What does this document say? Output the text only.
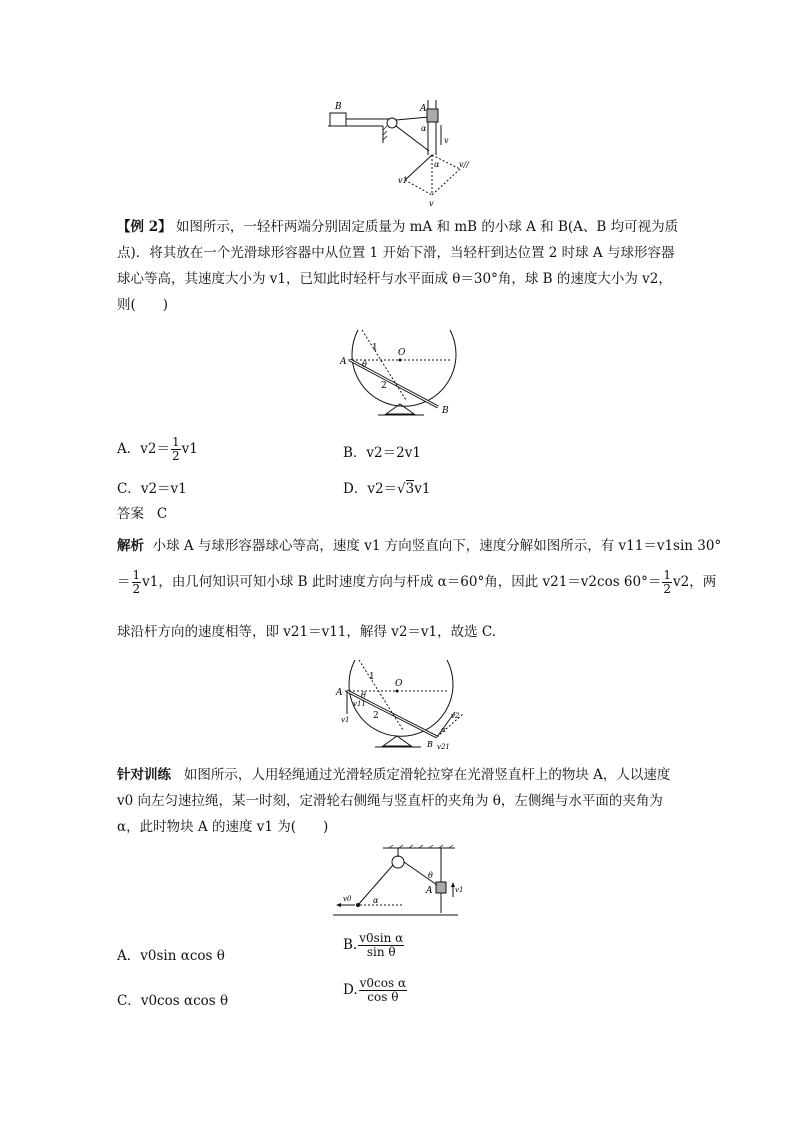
B	A
α
α
v
v1
v//
v
【例 2】 如图所示，一轻杆两端分别固定质量为 mA 和 mB 的小球 A 和 B(A、B 均可视为质点)．将其放在一个光滑球形容器中从位置 1 开始下滑，当轻杆到达位置 2 时球 A 与球形容器球心等高，其速度大小为 v1，已知此时轻杆与水平面成 θ＝30°角，球 B 的速度大小为 v2，则(　　)
A
O
1
2
θ
B
A．$v2= \frac{1}{2} v1$	B．v2＝2v1
C．v2＝v1	D．v2＝√3v1
答案 C
解析 小球 A 与球形容器球心等高，速度 v1 方向竖直向下，速度分解如图所示，有 v11＝v1sin 30°
＝ $\frac{1}{2} v1$，由几何知识可知小球 B 此时速度方向与杆成 α＝60°角，因此 v21＝v2cos $60^\circ= \frac{1}{2} v2$，两
球沿杆方向的速度相等，即 v21＝v11，解得 v2＝v1，故选 C.
A
O
1
2
θ
v11
v1	v2
v21
α
B
针对训练 如图所示，人用轻绳通过光滑轻质定滑轮拉穿在光滑竖直杆上的物块 A，人以速度 v0 向左匀速拉绳，某一时刻，定滑轮右侧绳与竖直杆的夹角为 θ，左侧绳与水平面的夹角为 α，此时物块 A 的速度 v1 为(　　)
θ
A	v1
v0	α
A．v0sin αcos θ
B. $\frac{\text{v0sin α}}{\text{sin θ}}$
C．v0cos αcos θ
D. $\frac{\text{v0cos α}}{\text{cos θ}}$
